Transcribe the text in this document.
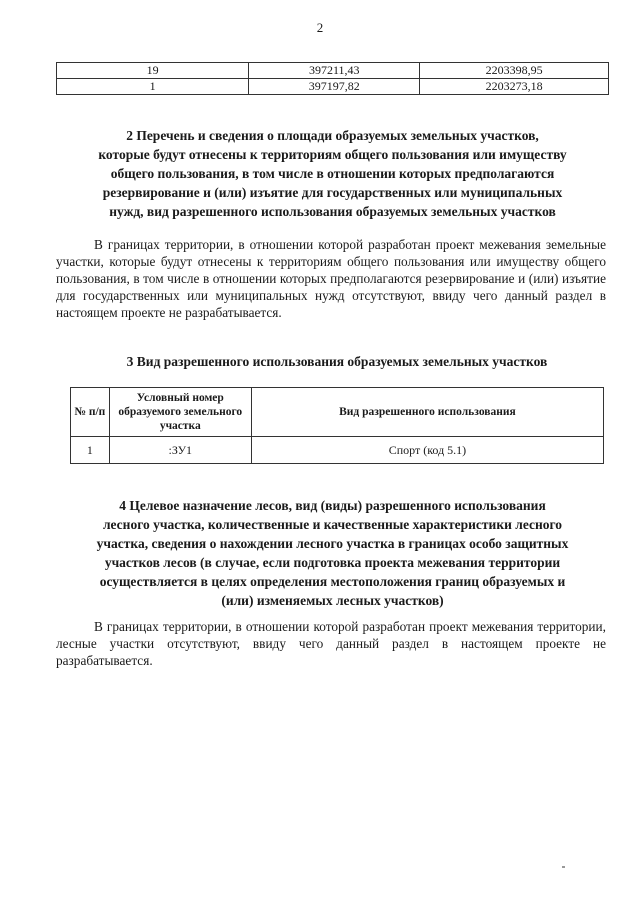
2
19	397211,43	2203398,95
1	397197,82	2203273,18
2 Перечень и сведения о площади образуемых земельных участков,
которые будут отнесены к территориям общего пользования или имуществу
общего пользования, в том числе в отношении которых предполагаются
резервирование и (или) изъятие для государственных или муниципальных
нужд, вид разрешенного использования образуемых земельных участков
В границах территории, в отношении которой разработан проект межевания земельные участки, которые будут отнесены к территориям общего пользования или имуществу общего пользования, в том числе в отношении которых предполагаются резервирование и (или) изъятие для государственных или муниципальных нужд отсутствуют, ввиду чего данный раздел в настоящем проекте не разрабатывается.
3 Вид разрешенного использования образуемых земельных участков
№ п/п	Условный номер образуемого земельного участка	Вид разрешенного использования
1	:ЗУ1	Спорт (код 5.1)
4 Целевое назначение лесов, вид (виды) разрешенного использования
лесного участка, количественные и качественные характеристики лесного
участка, сведения о нахождении лесного участка в границах особо защитных
участков лесов (в случае, если подготовка проекта межевания территории
осуществляется в целях определения местоположения границ образуемых и
(или) изменяемых лесных участков)
В границах территории, в отношении которой разработан проект межевания территории, лесные участки отсутствуют, ввиду чего данный раздел в настоящем проекте не разрабатывается.
